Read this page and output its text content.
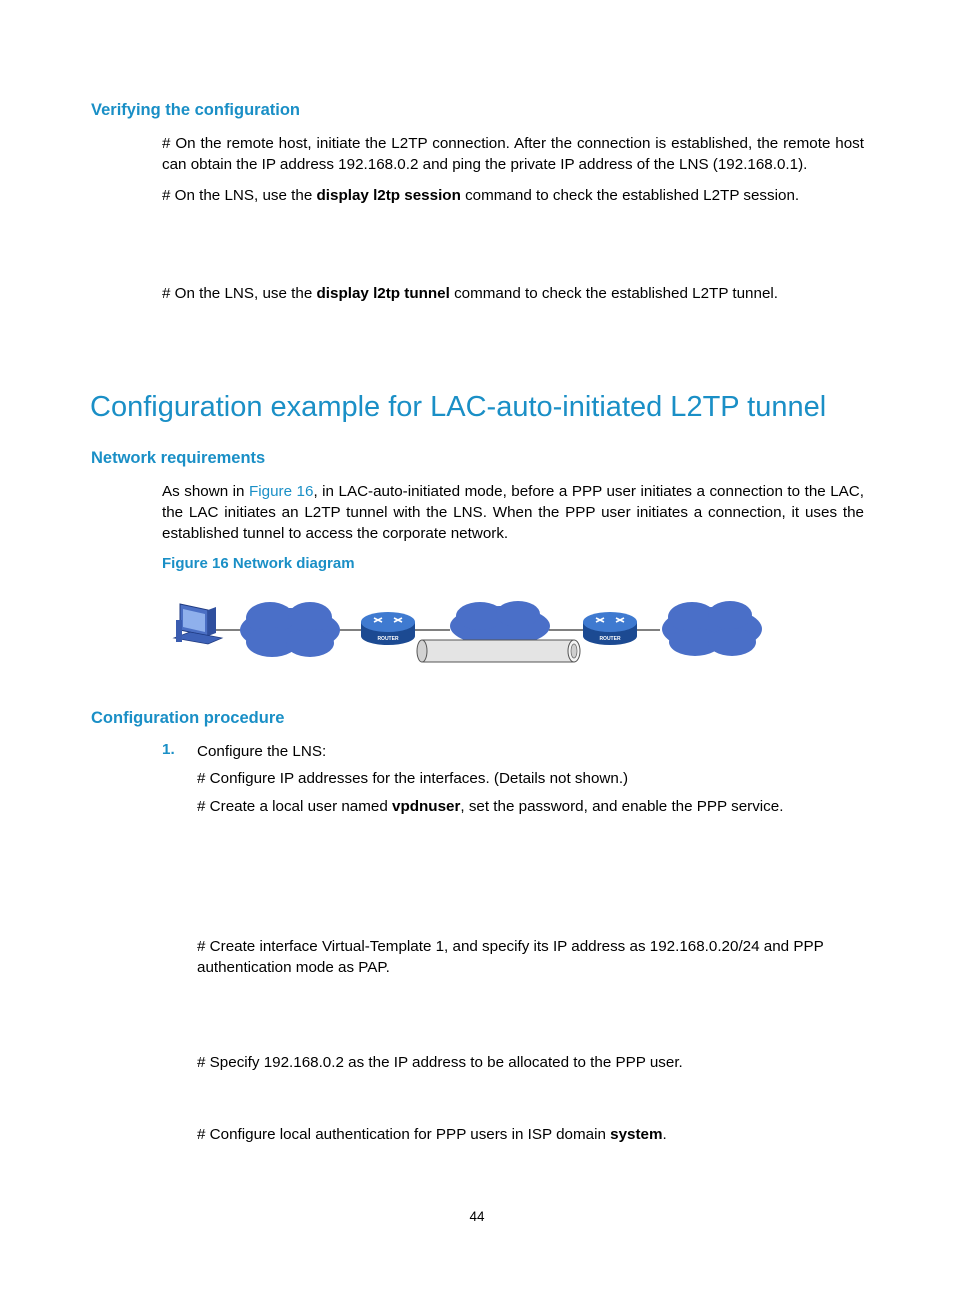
Verifying the configuration
# On the remote host, initiate the L2TP connection. After the connection is established, the remote host can obtain the IP address 192.168.0.2 and ping the private IP address of the LNS (192.168.0.1).
# On the LNS, use the display l2tp session command to check the established L2TP session.
# On the LNS, use the display l2tp tunnel command to check the established L2TP tunnel.
Configuration example for LAC-auto-initiated L2TP tunnel
Network requirements
As shown in Figure 16, in LAC-auto-initiated mode, before a PPP user initiates a connection to the LAC, the LAC initiates an L2TP tunnel with the LNS. When the PPP user initiates a connection, it uses the established tunnel to access the corporate network.
Figure 16 Network diagram
ROUTER	ROUTER
Configuration procedure
1. Configure the LNS:
# Configure IP addresses for the interfaces. (Details not shown.)
# Create a local user named vpdnuser, set the password, and enable the PPP service.
# Create interface Virtual-Template 1, and specify its IP address as 192.168.0.20/24 and PPP authentication mode as PAP.
# Specify 192.168.0.2 as the IP address to be allocated to the PPP user.
# Configure local authentication for PPP users in ISP domain system.
44
